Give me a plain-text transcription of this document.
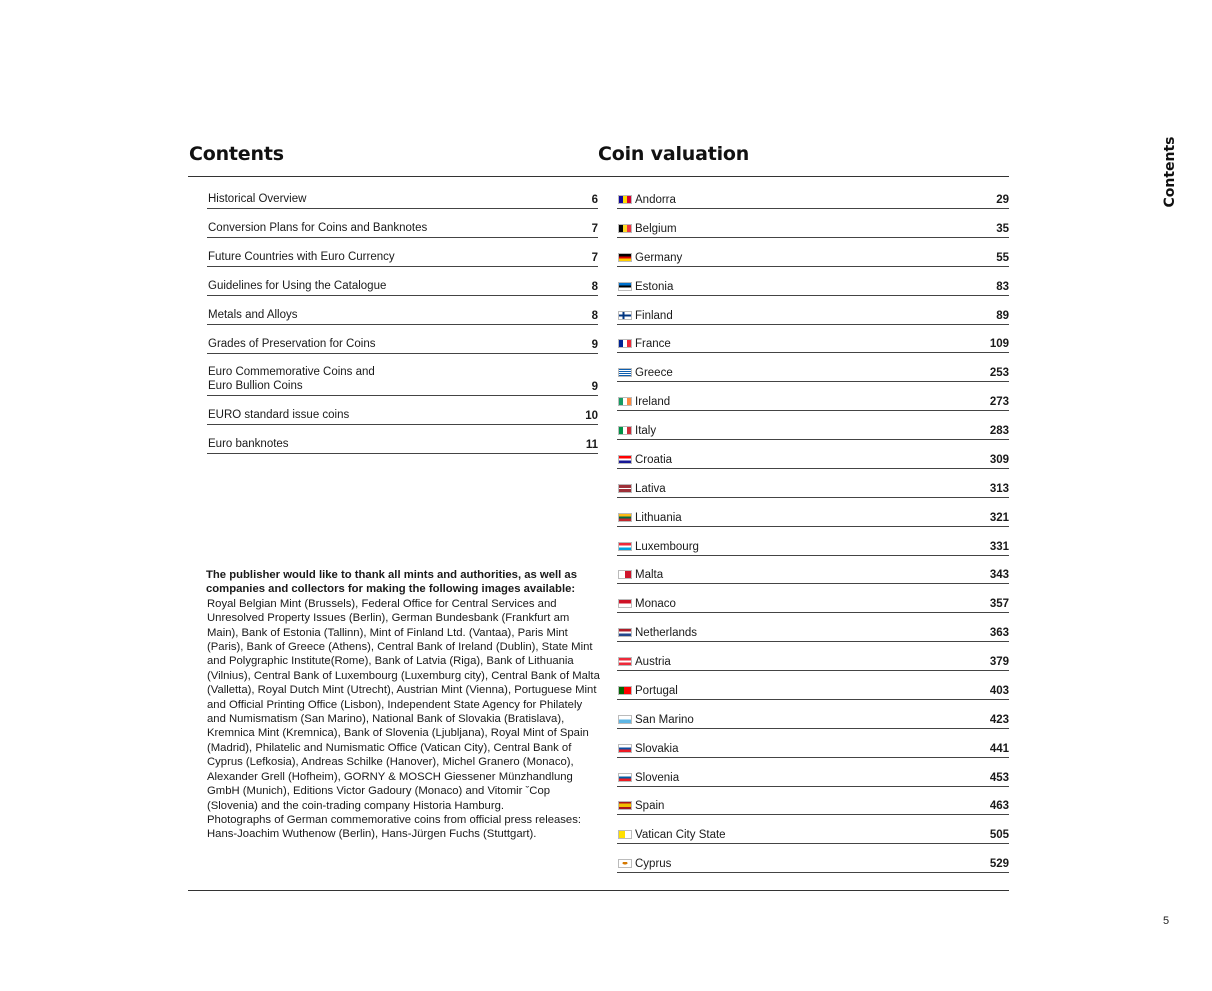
Contents	Coin valuation	Contents
Historical Overview	6
Conversion Plans for Coins and Banknotes	7
Future Countries with Euro Currency	7
Guidelines for Using the Catalogue	8
Metals and Alloys	8
Grades of Preservation for Coins	9
Euro Commemorative Coins and
Euro Bullion Coins	9
EURO standard issue coins	10
Euro banknotes	11
Andorra	29
Belgium	35
Germany	55
Estonia	83
Finland	89
France	109
Greece	253
Ireland	273
Italy	283
Croatia	309
Lativa	313
Lithuania	321
Luxembourg	331
Malta	343
Monaco	357
Netherlands	363
Austria	379
Portugal	403
San Marino	423
Slovakia	441
Slovenia	453
Spain	463
Vatican City State	505
Cyprus	529

The publisher would like to thank all mints and authorities, as well as companies and collectors for making the following images available:

Royal Belgian Mint (Brussels), Federal Office for Central Services and Unresolved Property Issues (Berlin), German Bundesbank (Frankfurt am Main), Bank of Estonia (Tallinn), Mint of Finland Ltd. (Vantaa), Paris Mint (Paris), Bank of Greece (Athens), Central Bank of Ireland (Dublin), State Mint and Polygraphic Institute(Rome), Bank of Latvia (Riga), Bank of Lithuania (Vilnius), Central Bank of Luxembourg (Luxemburg city), Central Bank of Malta (Valletta), Royal Dutch Mint (Utrecht), Austrian Mint (Vienna), Portuguese Mint and Official Printing Office (Lisbon), Independent State Agency for Philately and Numismatism (San Marino), National Bank of Slovakia (Bratislava), Kremnica Mint (Kremnica), Bank of Slovenia (Ljubljana), Royal Mint of Spain (Madrid), Philatelic and Numismatic Office (Vatican City), Central Bank of Cyprus (Lefkosia), Andreas Schilke (Hanover), Michel Granero (Monaco), Alexander Grell (Hofheim), GORNY & MOSCH Giessener Münzhandlung GmbH (Munich), Editions Victor Gadoury (Monaco) and Vitomir ˇCop (Slovenia) and the coin-trading company Historia Hamburg.

Photographs of German commemorative coins from official press releases: Hans-Joachim Wuthenow (Berlin), Hans-Jürgen Fuchs (Stuttgart).

5
